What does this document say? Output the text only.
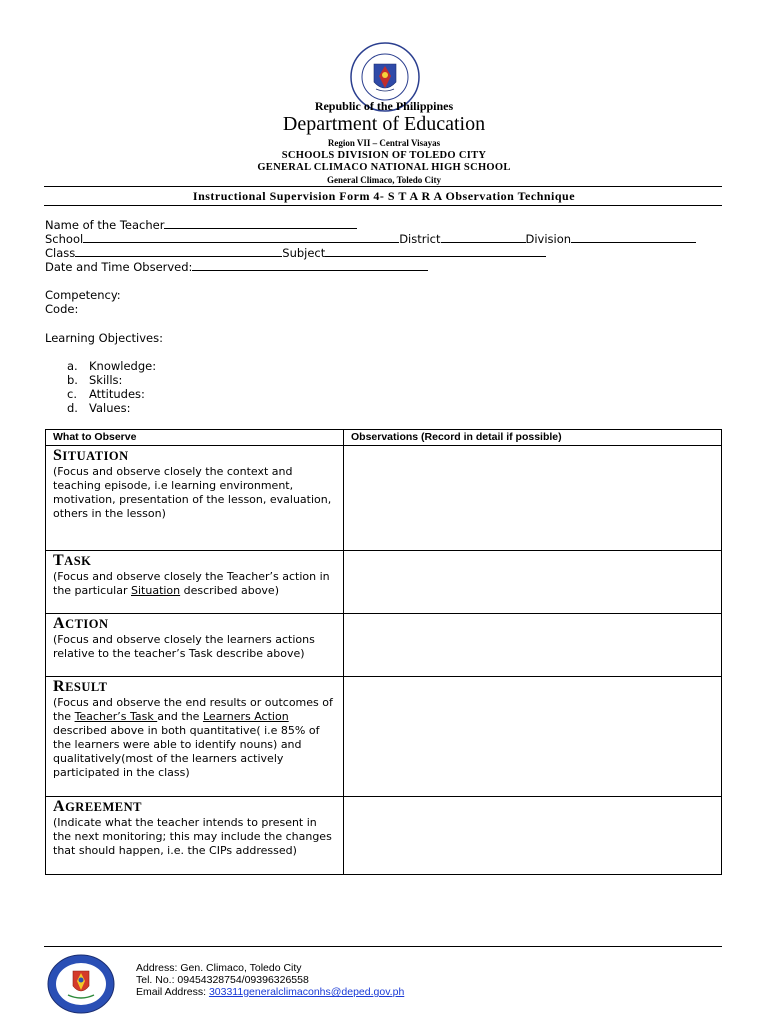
Republic of the Philippines
Department of Education
Region VII – Central Visayas
SCHOOLS DIVISION OF TOLEDO CITY
GENERAL CLIMACO NATIONAL HIGH SCHOOL
General Climaco, Toledo City
Instructional Supervision Form 4- S T A R A Observation Technique
Name of the Teacher
School	District	Division
Class	Subject
Date and Time Observed:
Competency:
Code:
Learning Objectives:
a. Knowledge:
b. Skills:
c. Attitudes:
d. Values:
What to Observe	Observations (Record in detail if possible)

SITUATION
(Focus and observe closely the context and teaching episode, i.e learning environment, motivation, presentation of the lesson, evaluation, others in the lesson)	

TASK
(Focus and observe closely the Teacher’s action in the particular Situation described above)	

ACTION
(Focus and observe closely the learners actions relative to the teacher’s Task describe above)	

RESULT
(Focus and observe the end results or outcomes of the Teacher’s Task and the Learners Action described above in both quantitative( i.e 85% of the learners were able to identify nouns) and qualitatively(most of the learners actively participated in the class)	

AGREEMENT
(Indicate what the teacher intends to present in the next monitoring; this may include the changes that should happen, i.e. the CIPs addressed)	

Address: Gen. Climaco, Toledo City
Tel. No.: 09454328754/09396326558
Email Address: 303311generalclimaconhs@deped.gov.ph
